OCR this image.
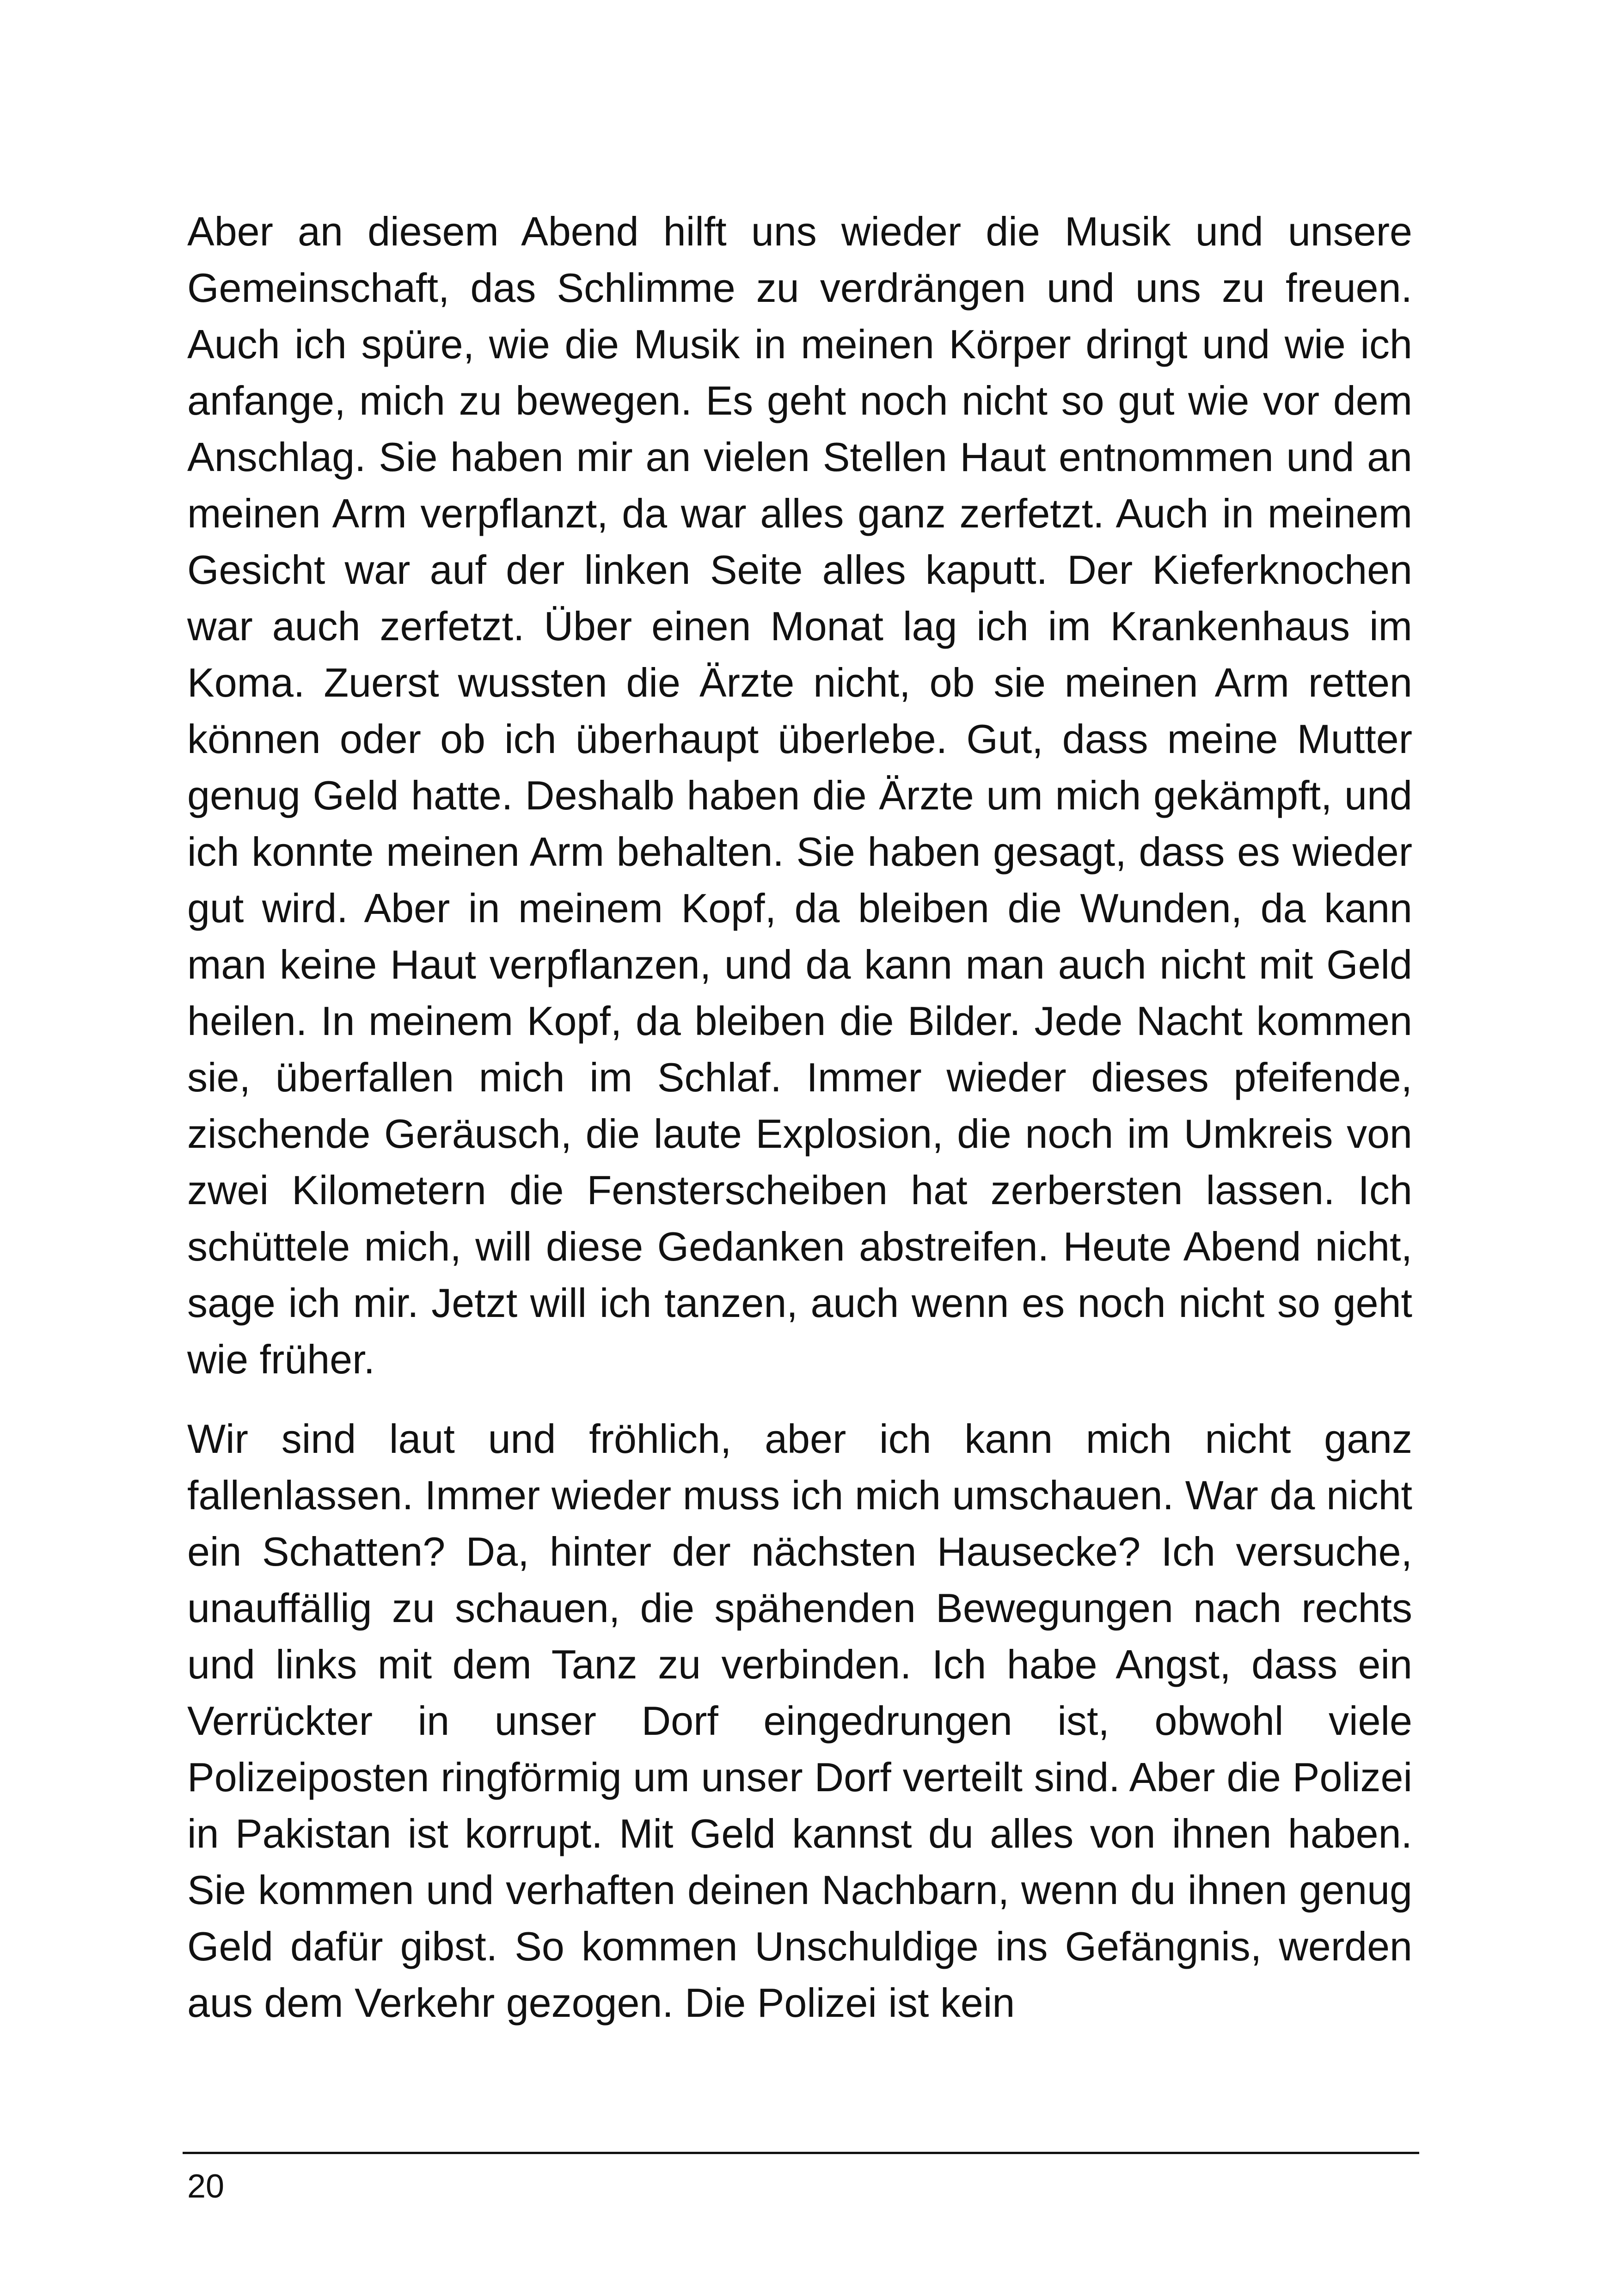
Aber an diesem Abend hilft uns wieder die Musik und unsere Gemeinschaft, das Schlimme zu verdrängen und uns zu freuen. Auch ich spüre, wie die Musik in meinen Körper dringt und wie ich anfange, mich zu bewegen. Es geht noch nicht so gut wie vor dem Anschlag. Sie haben mir an vielen Stellen Haut entnommen und an meinen Arm verpflanzt, da war alles ganz zerfetzt. Auch in meinem Gesicht war auf der linken Seite alles kaputt. Der Kieferknochen war auch zerfetzt. Über einen Monat lag ich im Krankenhaus im Koma. Zuerst wussten die Ärzte nicht, ob sie meinen Arm retten können oder ob ich überhaupt überlebe. Gut, dass meine Mutter genug Geld hatte. Deshalb haben die Ärzte um mich gekämpft, und ich konnte meinen Arm behalten. Sie haben gesagt, dass es wieder gut wird. Aber in meinem Kopf, da bleiben die Wunden, da kann man keine Haut verpflanzen, und da kann man auch nicht mit Geld heilen. In meinem Kopf, da bleiben die Bilder. Jede Nacht kommen sie, überfallen mich im Schlaf. Immer wieder dieses pfeifende, zischende Geräusch, die laute Explosion, die noch im Umkreis von zwei Kilometern die Fensterscheiben hat zerbersten lassen. Ich schüttele mich, will diese Gedanken abstreifen. Heute Abend nicht, sage ich mir. Jetzt will ich tanzen, auch wenn es noch nicht so geht wie früher.

Wir sind laut und fröhlich, aber ich kann mich nicht ganz fallenlassen. Immer wieder muss ich mich umschauen. War da nicht ein Schatten? Da, hinter der nächsten Hausecke? Ich versuche, unauffällig zu schauen, die spähenden Bewegungen nach rechts und links mit dem Tanz zu verbinden. Ich habe Angst, dass ein Verrückter in unser Dorf eingedrungen ist, obwohl viele Polizeiposten ringförmig um unser Dorf verteilt sind. Aber die Polizei in Pakistan ist korrupt. Mit Geld kannst du alles von ihnen haben. Sie kommen und verhaften deinen Nachbarn, wenn du ihnen genug Geld dafür gibst. So kommen Unschuldige ins Gefängnis, werden aus dem Verkehr gezogen. Die Polizei ist kein

20
